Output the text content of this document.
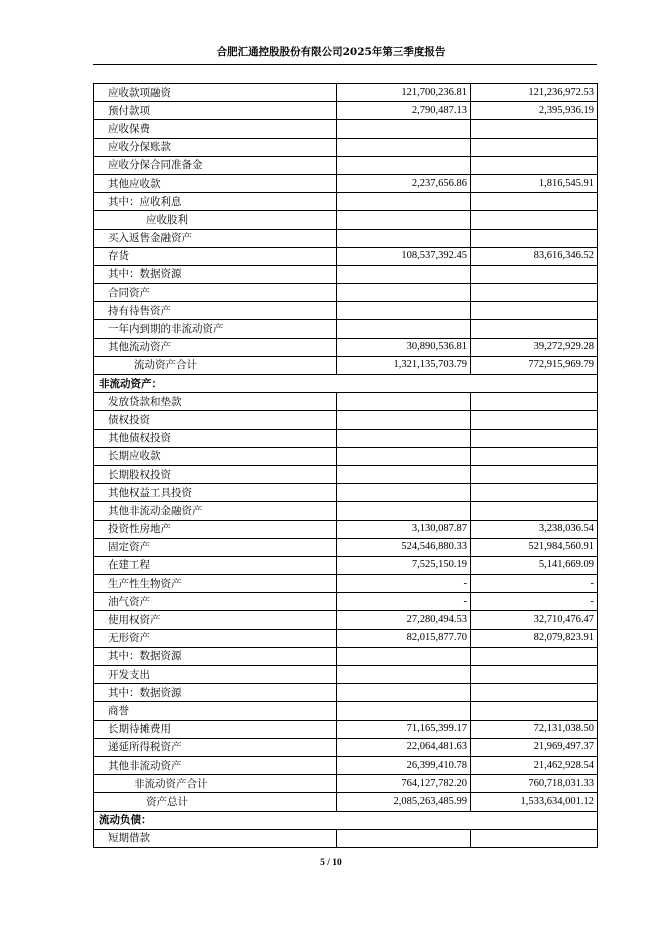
合肥汇通控股股份有限公司2025年第三季度报告
应收款项融资	121,700,236.81	121,236,972.53
预付款项	2,790,487.13	2,395,936.19
应收保费		
应收分保账款		
应收分保合同准备金		
其他应收款	2,237,656.86	1,816,545.91
其中：应收利息		
应收股利		
买入返售金融资产		
存货	108,537,392.45	83,616,346.52
其中：数据资源		
合同资产		
持有待售资产		
一年内到期的非流动资产		
其他流动资产	30,890,536.81	39,272,929.28
流动资产合计	1,321,135,703.79	772,915,969.79
非流动资产：		
发放贷款和垫款		
债权投资		
其他债权投资		
长期应收款		
长期股权投资		
其他权益工具投资		
其他非流动金融资产		
投资性房地产	3,130,087.87	3,238,036.54
固定资产	524,546,880.33	521,984,560.91
在建工程	7,525,150.19	5,141,669.09
生产性生物资产	-	-
油气资产	-	-
使用权资产	27,280,494.53	32,710,476.47
无形资产	82,015,877.70	82,079,823.91
其中：数据资源		
开发支出		
其中：数据资源		
商誉		
长期待摊费用	71,165,399.17	72,131,038.50
递延所得税资产	22,064,481.63	21,969,497.37
其他非流动资产	26,399,410.78	21,462,928.54
非流动资产合计	764,127,782.20	760,718,031.33
资产总计	2,085,263,485.99	1,533,634,001.12
流动负债：		
短期借款		
5 / 10
